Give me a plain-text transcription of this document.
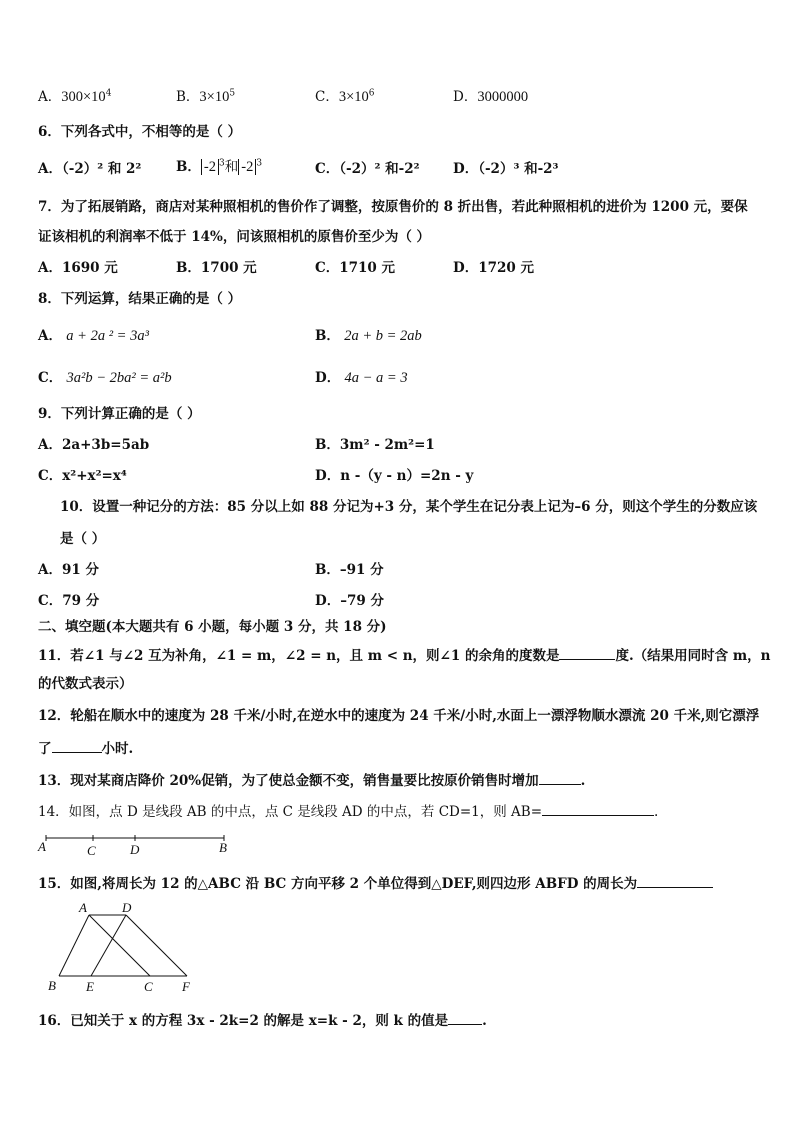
A．$300\times 10^4$	B．$3\times 10^5$	C．$3\times 10^6$	D．3000000
6．下列各式中，不相等的是（ ）
A．（-2）² 和 2²	B． -2 $^3$和 -2 $^3$	C．（-2）² 和-2² D．（-2）³ 和-2³
7．为了拓展销路，商店对某种照相机的售价作了调整，按原售价的 8 折出售，若此种照相机的进价为 1200 元，要保
证该相机的利润率不低于 14%，问该照相机的原售价至少为（ ）
A．1690 元	B．1700 元	C．1710 元	D．1720 元
8．下列运算，结果正确的是（ ）
A． a + 2a ² = 3a³	B． 2a + b = 2ab
C． 3a²b − 2ba² = a²b	D． 4a − a = 3
9．下列计算正确的是（ ）
A．2a+3b=5ab	B．3m² - 2m²=1
C．x²+x²=x⁴	D．n -（y - n）=2n - y
10．设置一种记分的方法：85 分以上如 88 分记为+3 分，某个学生在记分表上记为–6 分，则这个学生的分数应该
是（ ）
A．91 分	B．–91 分
C．79 分	D．–79 分
二、填空题(本大题共有 6 小题，每小题 3 分，共 18 分)
11．若∠1 与∠2 互为补角，∠1 = m，∠2 = n，且 m < n，则∠1 的余角的度数是	度.（结果用同时含 m，n
的代数式表示）
12．轮船在顺水中的速度为 28 千米/小时,在逆水中的速度为 24 千米/小时,水面上一漂浮物顺水漂流 20 千米,则它漂浮
了	小时.
13．现对某商店降价 20%促销，为了使总金额不变，销售量要比按原价销售时增加	.
14．如图，点 D 是线段 AB 的中点，点 C 是线段 AD 的中点，若 CD=1，则 AB=	.
A	C	D	B
15．如图,将周长为 12 的△ABC 沿 BC 方向平移 2 个单位得到△DEF,则四边形 ABFD 的周长为
A	D
B E	C F
16．已知关于 x 的方程 3x - 2k=2 的解是 x=k - 2，则 k 的值是	.
